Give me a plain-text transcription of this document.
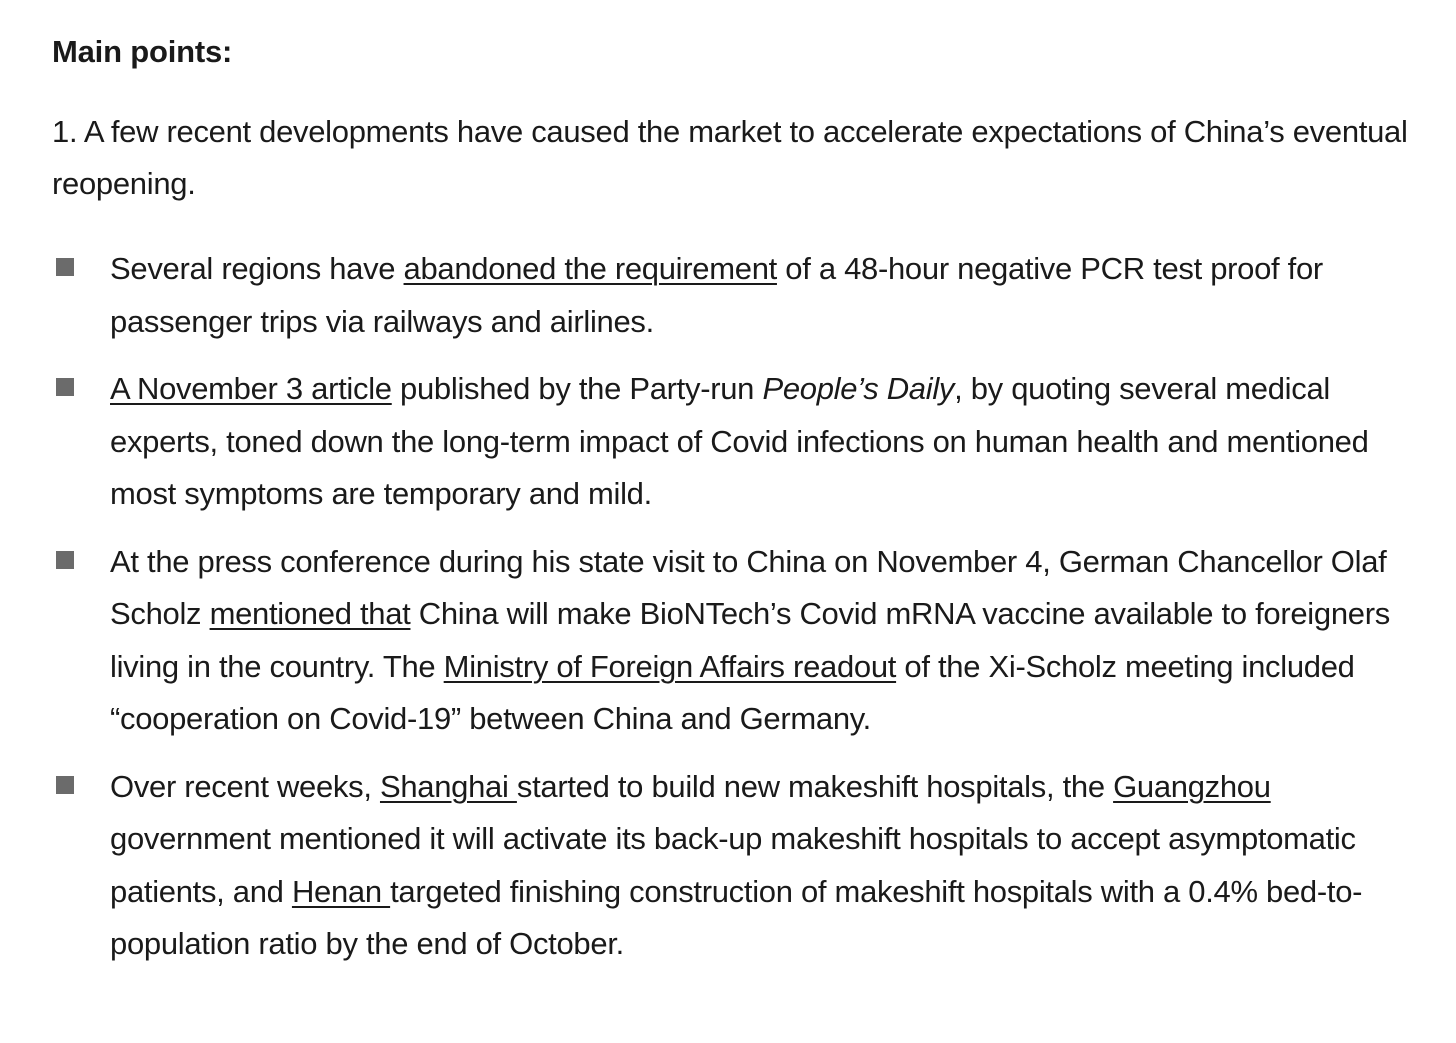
Main points:
1. A few recent developments have caused the market to accelerate expectations of China’s eventual reopening.
Several regions have abandoned the requirement of a 48-hour negative PCR test proof for passenger trips via railways and airlines.
A November 3 article published by the Party-run People’s Daily, by quoting several medical experts, toned down the long-term impact of Covid infections on human health and mentioned most symptoms are temporary and mild.
At the press conference during his state visit to China on November 4, German Chancellor Olaf Scholz mentioned that China will make BioNTech’s Covid mRNA vaccine available to foreigners living in the country. The Ministry of Foreign Affairs readout of the Xi-Scholz meeting included “cooperation on Covid-19” between China and Germany.
Over recent weeks, Shanghai started to build new makeshift hospitals, the Guangzhou government mentioned it will activate its back-up makeshift hospitals to accept asymptomatic patients, and Henan targeted finishing construction of makeshift hospitals with a 0.4% bed-to-population ratio by the end of October.
